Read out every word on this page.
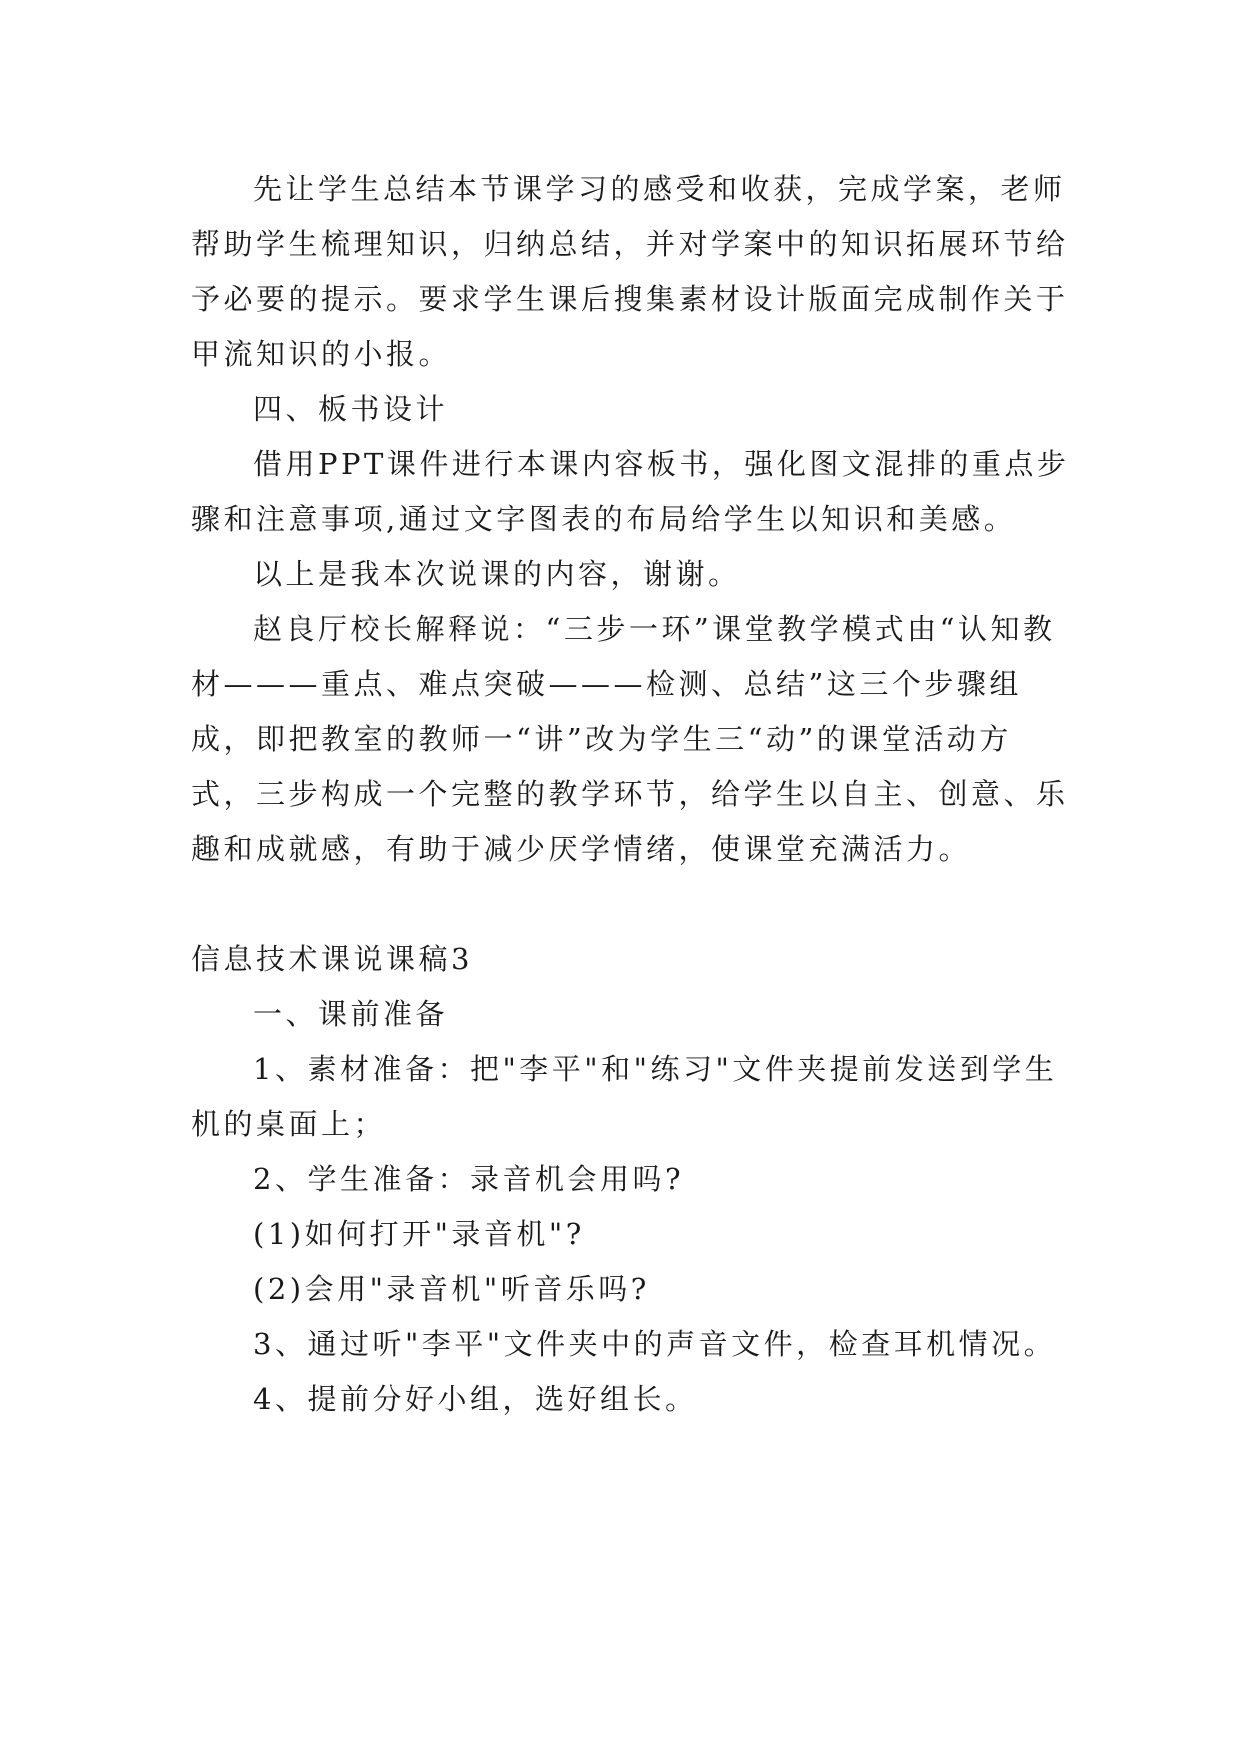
先让学生总结本节课学习的感受和收获，完成学案，老师帮助学生梳理知识，归纳总结，并对学案中的知识拓展环节给予必要的提示。要求学生课后搜集素材设计版面完成制作关于甲流知识的小报。

四、板书设计

借用PPT课件进行本课内容板书，强化图文混排的重点步骤和注意事项,通过文字图表的布局给学生以知识和美感。

以上是我本次说课的内容，谢谢。

赵良厅校长解释说：“三步一环”课堂教学模式由“认知教材———重点、难点突破———检测、总结”这三个步骤组成，即把教室的教师一“讲”改为学生三“动”的课堂活动方式，三步构成一个完整的教学环节，给学生以自主、创意、乐趣和成就感，有助于减少厌学情绪，使课堂充满活力。

信息技术课说课稿3

一、课前准备

1、素材准备：把"李平"和"练习"文件夹提前发送到学生机的桌面上；

2、学生准备：录音机会用吗?

(1)如何打开"录音机"?

(2)会用"录音机"听音乐吗?

3、通过听"李平"文件夹中的声音文件，检查耳机情况。

4、提前分好小组，选好组长。
